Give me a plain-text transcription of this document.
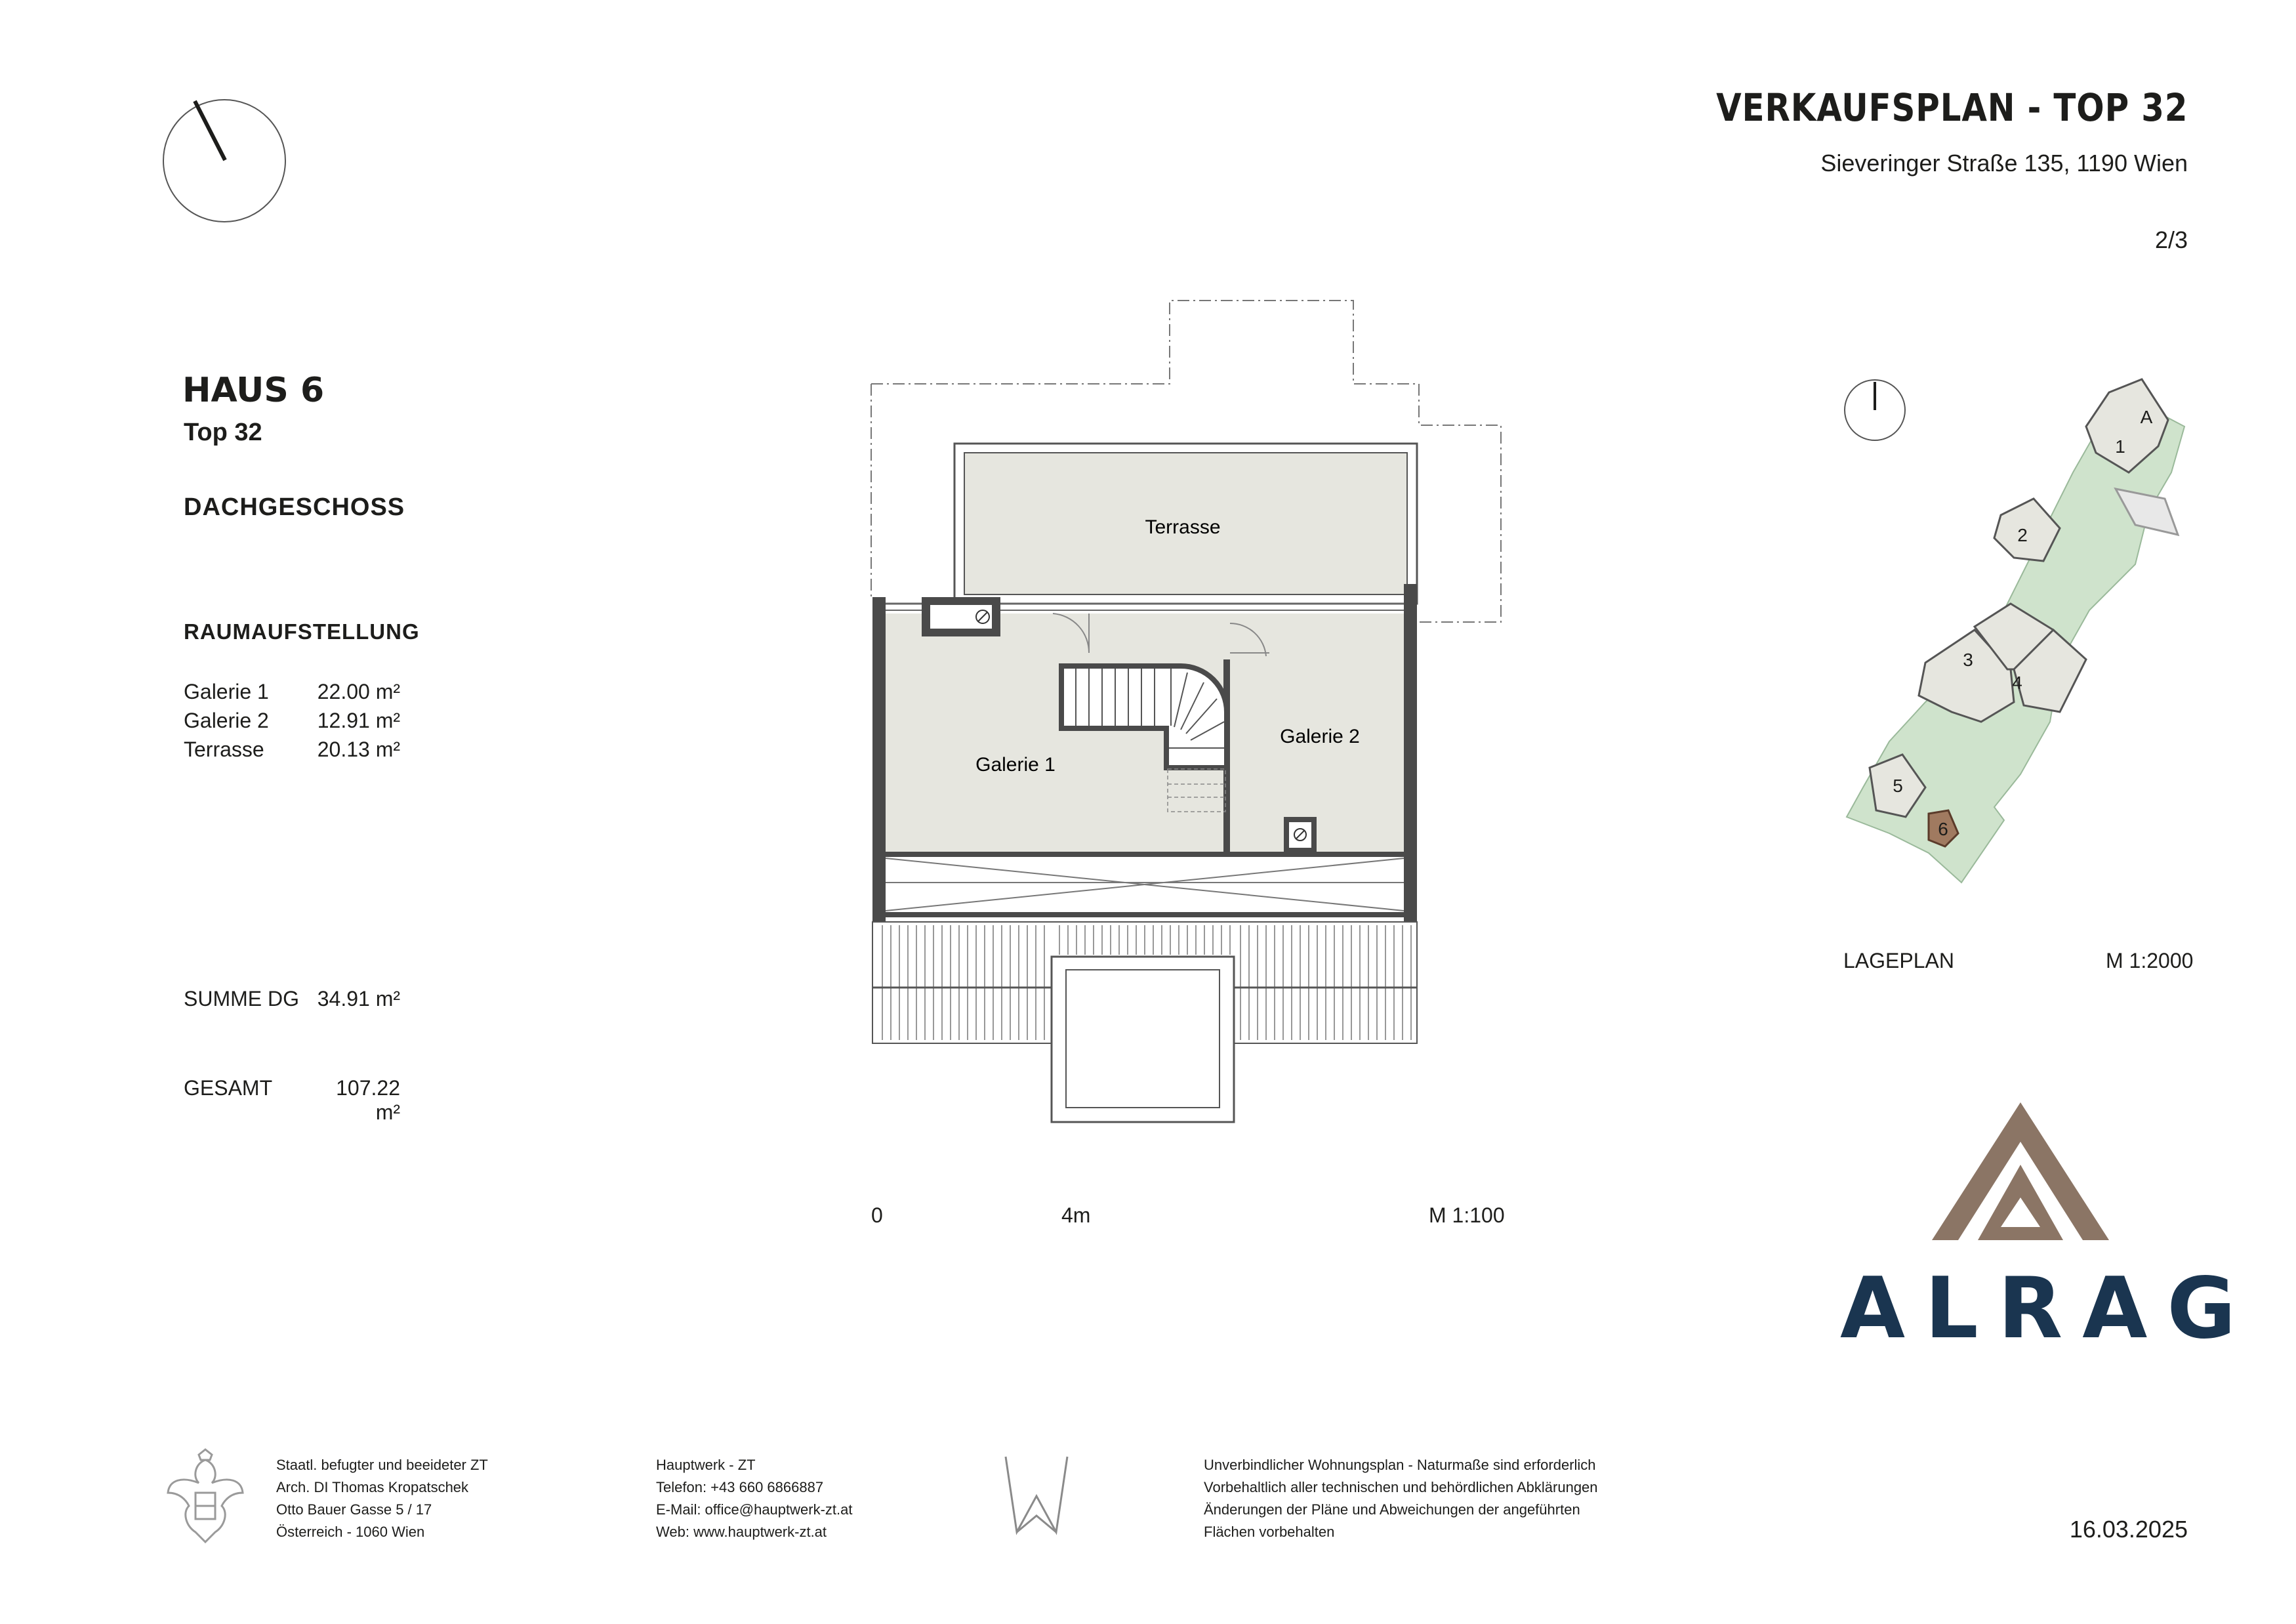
VERKAUFSPLAN - TOP 32
Sieveringer Straße 135, 1190 Wien
2/3
HAUS 6
Top 32
DACHGESCHOSS
RAUMAUFSTELLUNG
Galerie 1	22.00 m²
Galerie 2	12.91 m²
Terrasse	20.13 m²
SUMME DG 34.91 m²
GESAMT	107.22 m²
Terrasse
Galerie 1
Galerie 2
0	4m	M 1:100
A
1
2
3
4
5
6
LAGEPLAN	M 1:2000
ALRAG
Staatl. befugter und beeideter ZT
Arch. DI Thomas Kropatschek
Otto Bauer Gasse 5 / 17
Österreich - 1060 Wien
Hauptwerk - ZT
Telefon: +43 660 6866887
E-Mail: office@hauptwerk-zt.at
Web: www.hauptwerk-zt.at
Unverbindlicher Wohnungsplan - Naturmaße sind erforderlich
Vorbehaltlich aller technischen und behördlichen Abklärungen
Änderungen der Pläne und Abweichungen der angeführten
Flächen vorbehalten	16.03.2025
